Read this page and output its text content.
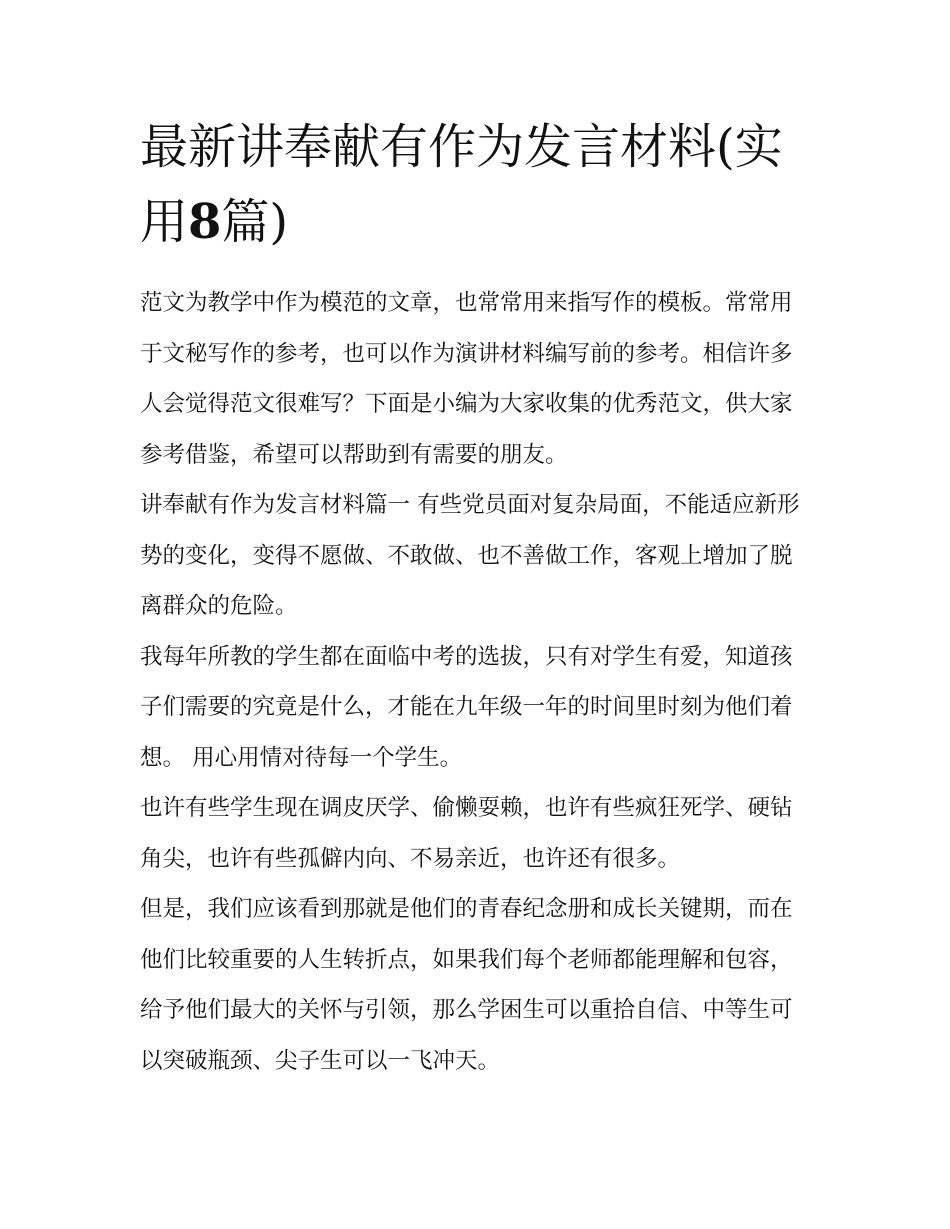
最新讲奉献有作为发言材料(实用8篇)

范文为教学中作为模范的文章，也常常用来指写作的模板。常常用于文秘写作的参考，也可以作为演讲材料编写前的参考。相信许多人会觉得范文很难写？下面是小编为大家收集的优秀范文，供大家参考借鉴，希望可以帮助到有需要的朋友。

讲奉献有作为发言材料篇一 有些党员面对复杂局面，不能适应新形势的变化，变得不愿做、不敢做、也不善做工作，客观上增加了脱离群众的危险。

我每年所教的学生都在面临中考的选拔，只有对学生有爱，知道孩子们需要的究竟是什么，才能在九年级一年的时间里时刻为他们着想。 用心用情对待每一个学生。

也许有些学生现在调皮厌学、偷懒耍赖，也许有些疯狂死学、硬钻角尖，也许有些孤僻内向、不易亲近，也许还有很多。

但是，我们应该看到那就是他们的青春纪念册和成长关键期，而在他们比较重要的人生转折点，如果我们每个老师都能理解和包容，给予他们最大的关怀与引领，那么学困生可以重拾自信、中等生可以突破瓶颈、尖子生可以一飞冲天。
